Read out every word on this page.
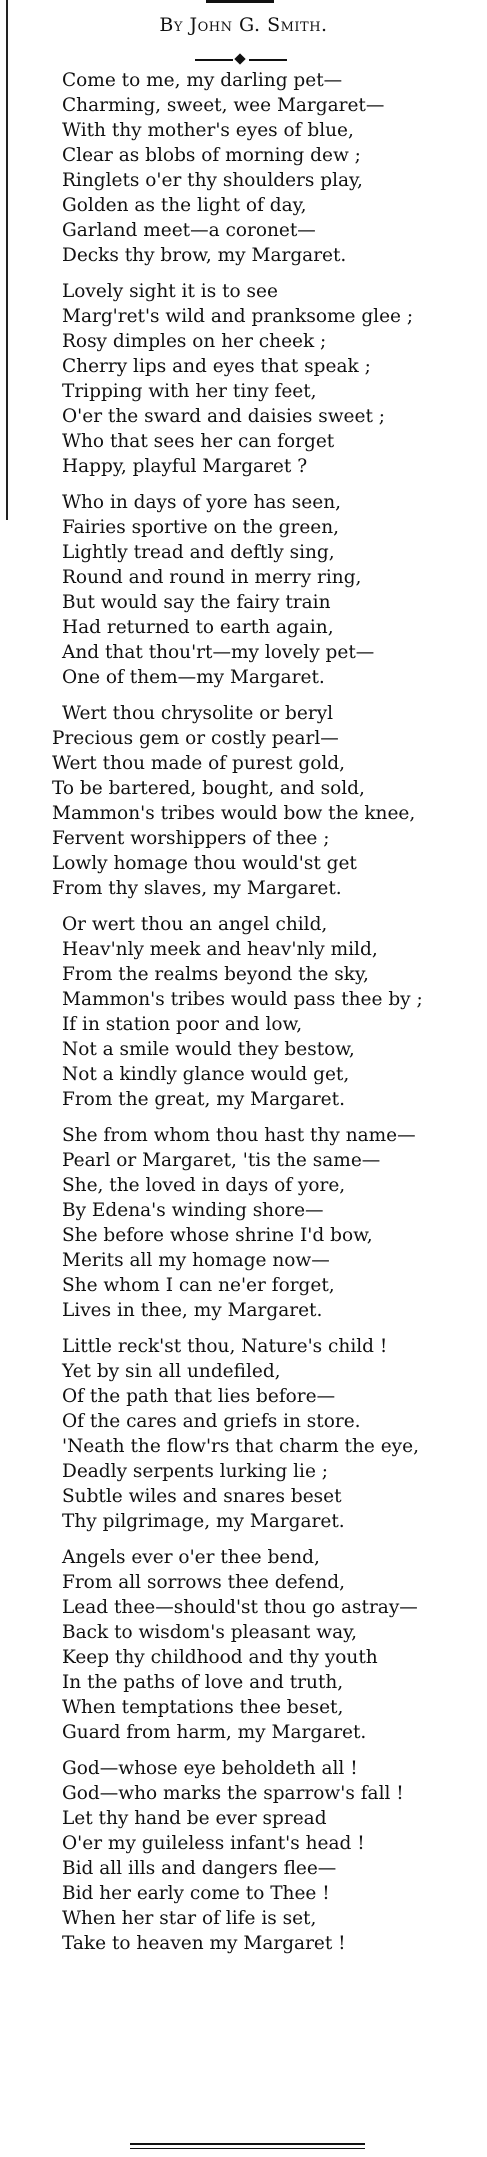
By John G. Smith.
Come to me, my darling pet—
Charming, sweet, wee Margaret—
With thy mother's eyes of blue,
Clear as blobs of morning dew ;
Ringlets o'er thy shoulders play,
Golden as the light of day,
Garland meet—a coronet—
Decks thy brow, my Margaret.
Lovely sight it is to see
Marg'ret's wild and pranksome glee ;
Rosy dimples on her cheek ;
Cherry lips and eyes that speak ;
Tripping with her tiny feet,
O'er the sward and daisies sweet ;
Who that sees her can forget
Happy, playful Margaret ?
Who in days of yore has seen,
Fairies sportive on the green,
Lightly tread and deftly sing,
Round and round in merry ring,
But would say the fairy train
Had returned to earth again,
And that thou'rt—my lovely pet—
One of them—my Margaret.
Wert thou chrysolite or beryl
Precious gem or costly pearl—
Wert thou made of purest gold,
To be bartered, bought, and sold,
Mammon's tribes would bow the knee,
Fervent worshippers of thee ;
Lowly homage thou would'st get
From thy slaves, my Margaret.
Or wert thou an angel child,
Heav'nly meek and heav'nly mild,
From the realms beyond the sky,
Mammon's tribes would pass thee by ;
If in station poor and low,
Not a smile would they bestow,
Not a kindly glance would get,
From the great, my Margaret.
She from whom thou hast thy name—
Pearl or Margaret, 'tis the same—
She, the loved in days of yore,
By Edena's winding shore—
She before whose shrine I'd bow,
Merits all my homage now—
She whom I can ne'er forget,
Lives in thee, my Margaret.
Little reck'st thou, Nature's child !
Yet by sin all undefiled,
Of the path that lies before—
Of the cares and griefs in store.
'Neath the flow'rs that charm the eye,
Deadly serpents lurking lie ;
Subtle wiles and snares beset
Thy pilgrimage, my Margaret.
Angels ever o'er thee bend,
From all sorrows thee defend,
Lead thee—should'st thou go astray—
Back to wisdom's pleasant way,
Keep thy childhood and thy youth
In the paths of love and truth,
When temptations thee beset,
Guard from harm, my Margaret.
God—whose eye beholdeth all !
God—who marks the sparrow's fall !
Let thy hand be ever spread
O'er my guileless infant's head !
Bid all ills and dangers flee—
Bid her early come to Thee !
When her star of life is set,
Take to heaven my Margaret !
